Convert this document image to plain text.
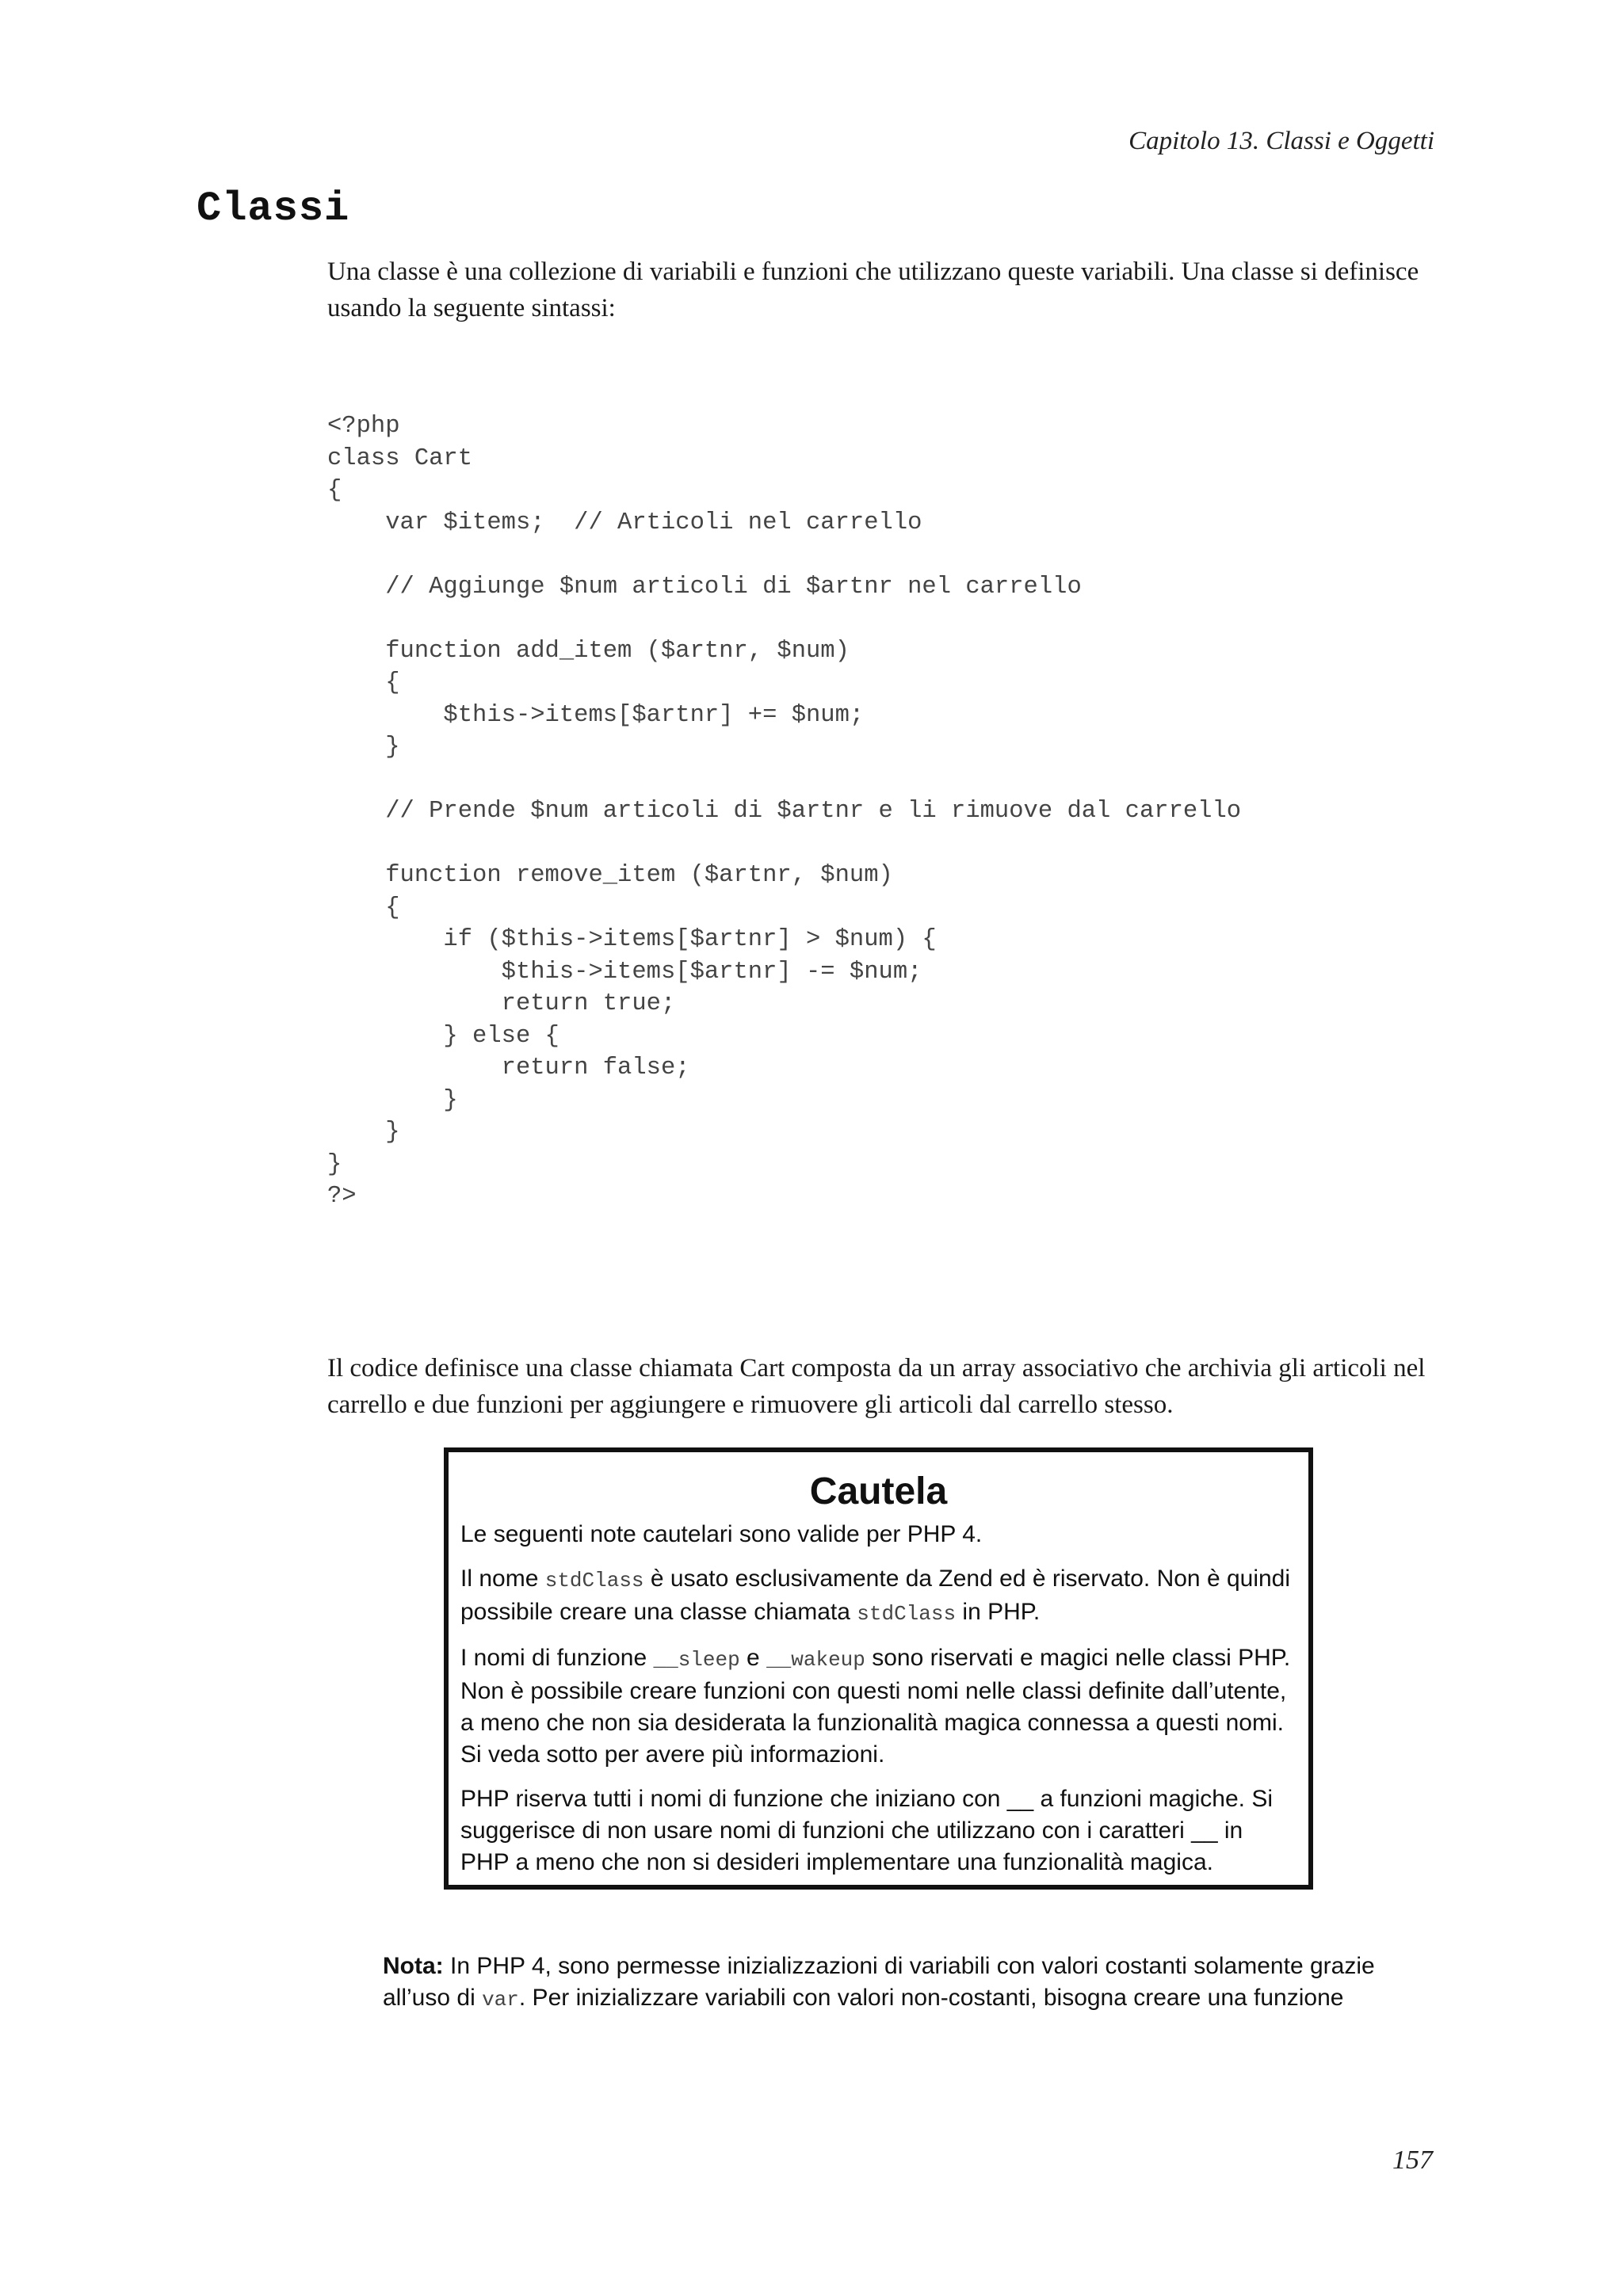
Capitolo 13. Classi e Oggetti
Classi

Una classe è una collezione di variabili e funzioni che utilizzano queste variabili. Una classe si definisce usando la seguente sintassi:

<?php
class Cart
{
var $items;  // Articoli nel carrello

// Aggiunge $num articoli di $artnr nel carrello

function add_item ($artnr, $num)
{
$this->items[$artnr] += $num;
}

// Prende $num articoli di $artnr e li rimuove dal carrello

function remove_item ($artnr, $num)
{
if ($this->items[$artnr] > $num) {
$this->items[$artnr] -= $num;
return true;
} else {
return false;
}
}
}
?>

Il codice definisce una classe chiamata Cart composta da un array associativo che archivia gli articoli nel carrello e due funzioni per aggiungere e rimuovere gli articoli dal carrello stesso.

Cautela

Le seguenti note cautelari sono valide per PHP 4.

Il nome stdClass è usato esclusivamente da Zend ed è riservato. Non è quindi possibile creare una classe chiamata stdClass in PHP.

I nomi di funzione __sleep e __wakeup sono riservati e magici nelle classi PHP. Non è possibile creare funzioni con questi nomi nelle classi definite dall’utente, a meno che non sia desiderata la funzionalità magica connessa a questi nomi. Si veda sotto per avere più informazioni.

PHP riserva tutti i nomi di funzione che iniziano con __ a funzioni magiche. Si suggerisce di non usare nomi di funzioni che utilizzano con i caratteri __ in PHP a meno che non si desideri implementare una funzionalità magica.

Nota: In PHP 4, sono permesse inizializzazioni di variabili con valori costanti solamente grazie all’uso di var. Per inizializzare variabili con valori non-costanti, bisogna creare una funzione

157
